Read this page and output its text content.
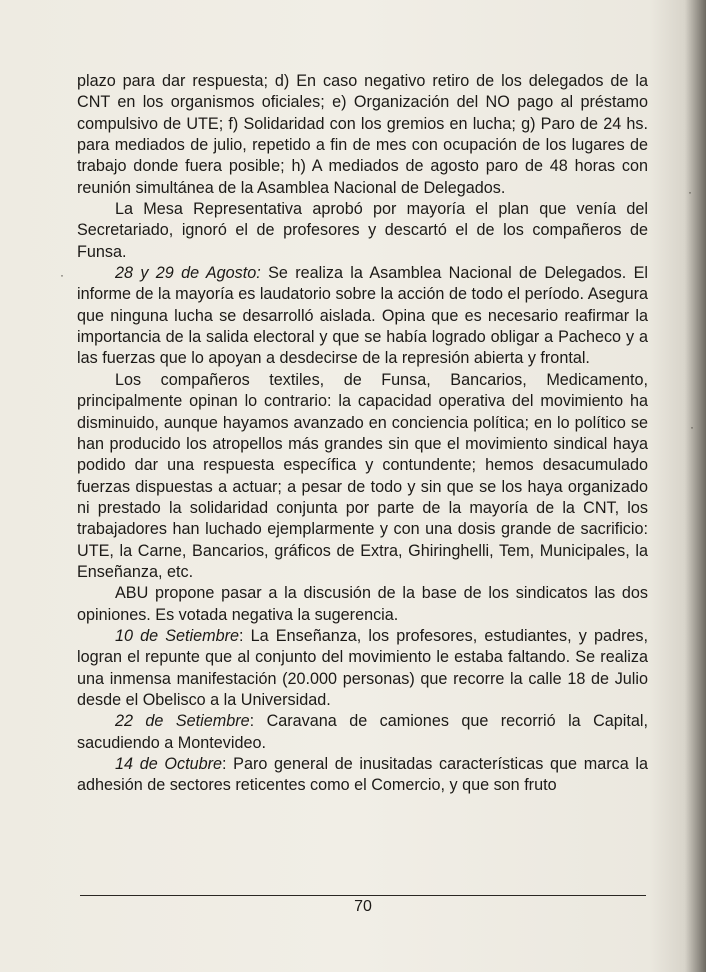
plazo para dar respuesta; d) En caso negativo retiro de los delegados de la CNT en los organismos oficiales; e) Organización del NO pago al préstamo compulsivo de UTE; f) Solidaridad con los gremios en lucha; g) Paro de 24 hs. para mediados de julio, repetido a fin de mes con ocupación de los lugares de trabajo donde fuera posible; h) A mediados de agosto paro de 48 horas con reunión simultánea de la Asamblea Nacional de Delegados.

La Mesa Representativa aprobó por mayoría el plan que venía del Secretariado, ignoró el de profesores y descartó el de los compañeros de Funsa.

28 y 29 de Agosto: Se realiza la Asamblea Nacional de Delegados. El informe de la mayoría es laudatorio sobre la acción de todo el período. Asegura que ninguna lucha se desarrolló aislada. Opina que es necesario reafirmar la importancia de la salida electoral y que se había logrado obligar a Pacheco y a las fuerzas que lo apoyan a desdecirse de la represión abierta y frontal.

Los compañeros textiles, de Funsa, Bancarios, Medicamento, principalmente opinan lo contrario: la capacidad operativa del movimiento ha disminuido, aunque hayamos avanzado en conciencia política; en lo político se han producido los atropellos más grandes sin que el movimiento sindical haya podido dar una respuesta específica y contundente; hemos desacumulado fuerzas dispuestas a actuar; a pesar de todo y sin que se los haya organizado ni prestado la solidaridad conjunta por parte de la mayoría de la CNT, los trabajadores han luchado ejemplarmente y con una dosis grande de sacrificio: UTE, la Carne, Bancarios, gráficos de Extra, Ghiringhelli, Tem, Municipales, la Enseñanza, etc.

ABU propone pasar a la discusión de la base de los sindicatos las dos opiniones. Es votada negativa la sugerencia.

10 de Setiembre: La Enseñanza, los profesores, estudiantes, y padres, logran el repunte que al conjunto del movimiento le estaba faltando. Se realiza una inmensa manifestación (20.000 personas) que recorre la calle 18 de Julio desde el Obelisco a la Universidad.

22 de Setiembre: Caravana de camiones que recorrió la Capital, sacudiendo a Montevideo.

14 de Octubre: Paro general de inusitadas características que marca la adhesión de sectores reticentes como el Comercio, y que son fruto

70
·
·
·
